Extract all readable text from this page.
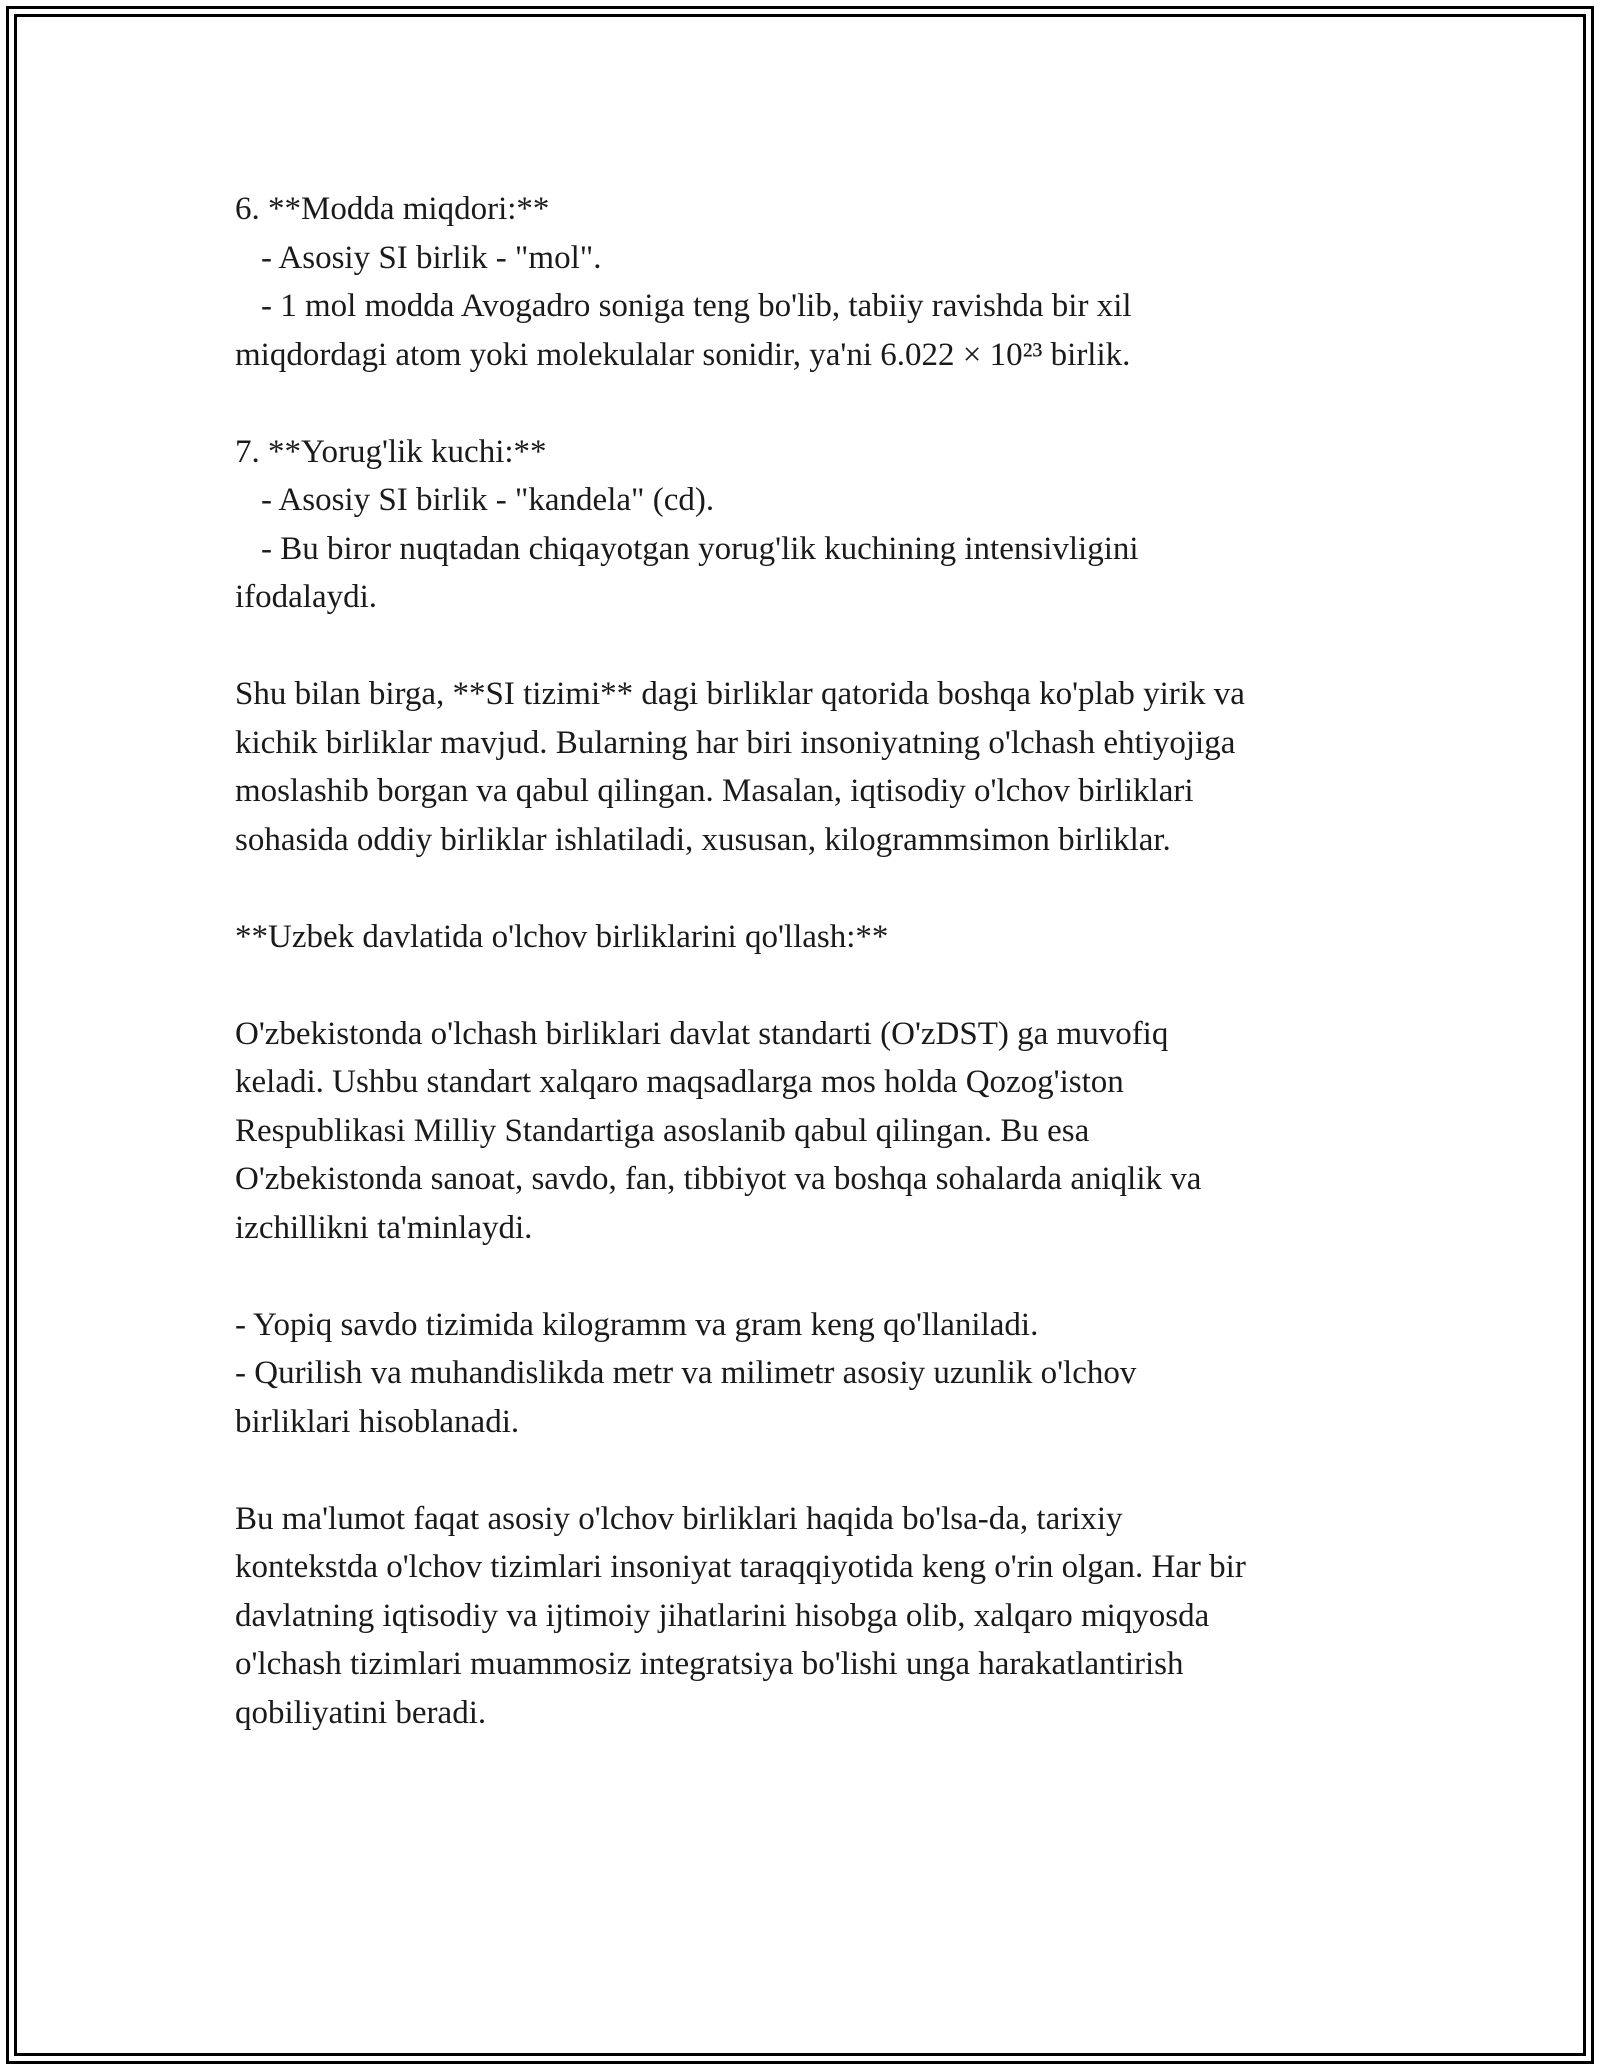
6. **Modda miqdori:**
- Asosiy SI birlik - "mol".
- 1 mol modda Avogadro soniga teng bo'lib, tabiiy ravishda bir xil
miqdordagi atom yoki molekulalar sonidir, ya'ni 6.022 × 10²³ birlik.
7. **Yorug'lik kuchi:**
- Asosiy SI birlik - "kandela" (cd).
- Bu biror nuqtadan chiqayotgan yorug'lik kuchining intensivligini
ifodalaydi.
Shu bilan birga, **SI tizimi** dagi birliklar qatorida boshqa ko'plab yirik va
kichik birliklar mavjud. Bularning har biri insoniyatning o'lchash ehtiyojiga
moslashib borgan va qabul qilingan. Masalan, iqtisodiy o'lchov birliklari
sohasida oddiy birliklar ishlatiladi, xususan, kilogrammsimon birliklar.
**Uzbek davlatida o'lchov birliklarini qo'llash:**
O'zbekistonda o'lchash birliklari davlat standarti (O'zDST) ga muvofiq
keladi. Ushbu standart xalqaro maqsadlarga mos holda Qozog'iston
Respublikasi Milliy Standartiga asoslanib qabul qilingan. Bu esa
O'zbekistonda sanoat, savdo, fan, tibbiyot va boshqa sohalarda aniqlik va
izchillikni ta'minlaydi.
- Yopiq savdo tizimida kilogramm va gram keng qo'llaniladi.
- Qurilish va muhandislikda metr va milimetr asosiy uzunlik o'lchov
birliklari hisoblanadi.
Bu ma'lumot faqat asosiy o'lchov birliklari haqida bo'lsa-da, tarixiy
kontekstda o'lchov tizimlari insoniyat taraqqiyotida keng o'rin olgan. Har bir
davlatning iqtisodiy va ijtimoiy jihatlarini hisobga olib, xalqaro miqyosda
o'lchash tizimlari muammosiz integratsiya bo'lishi unga harakatlantirish
qobiliyatini beradi.
